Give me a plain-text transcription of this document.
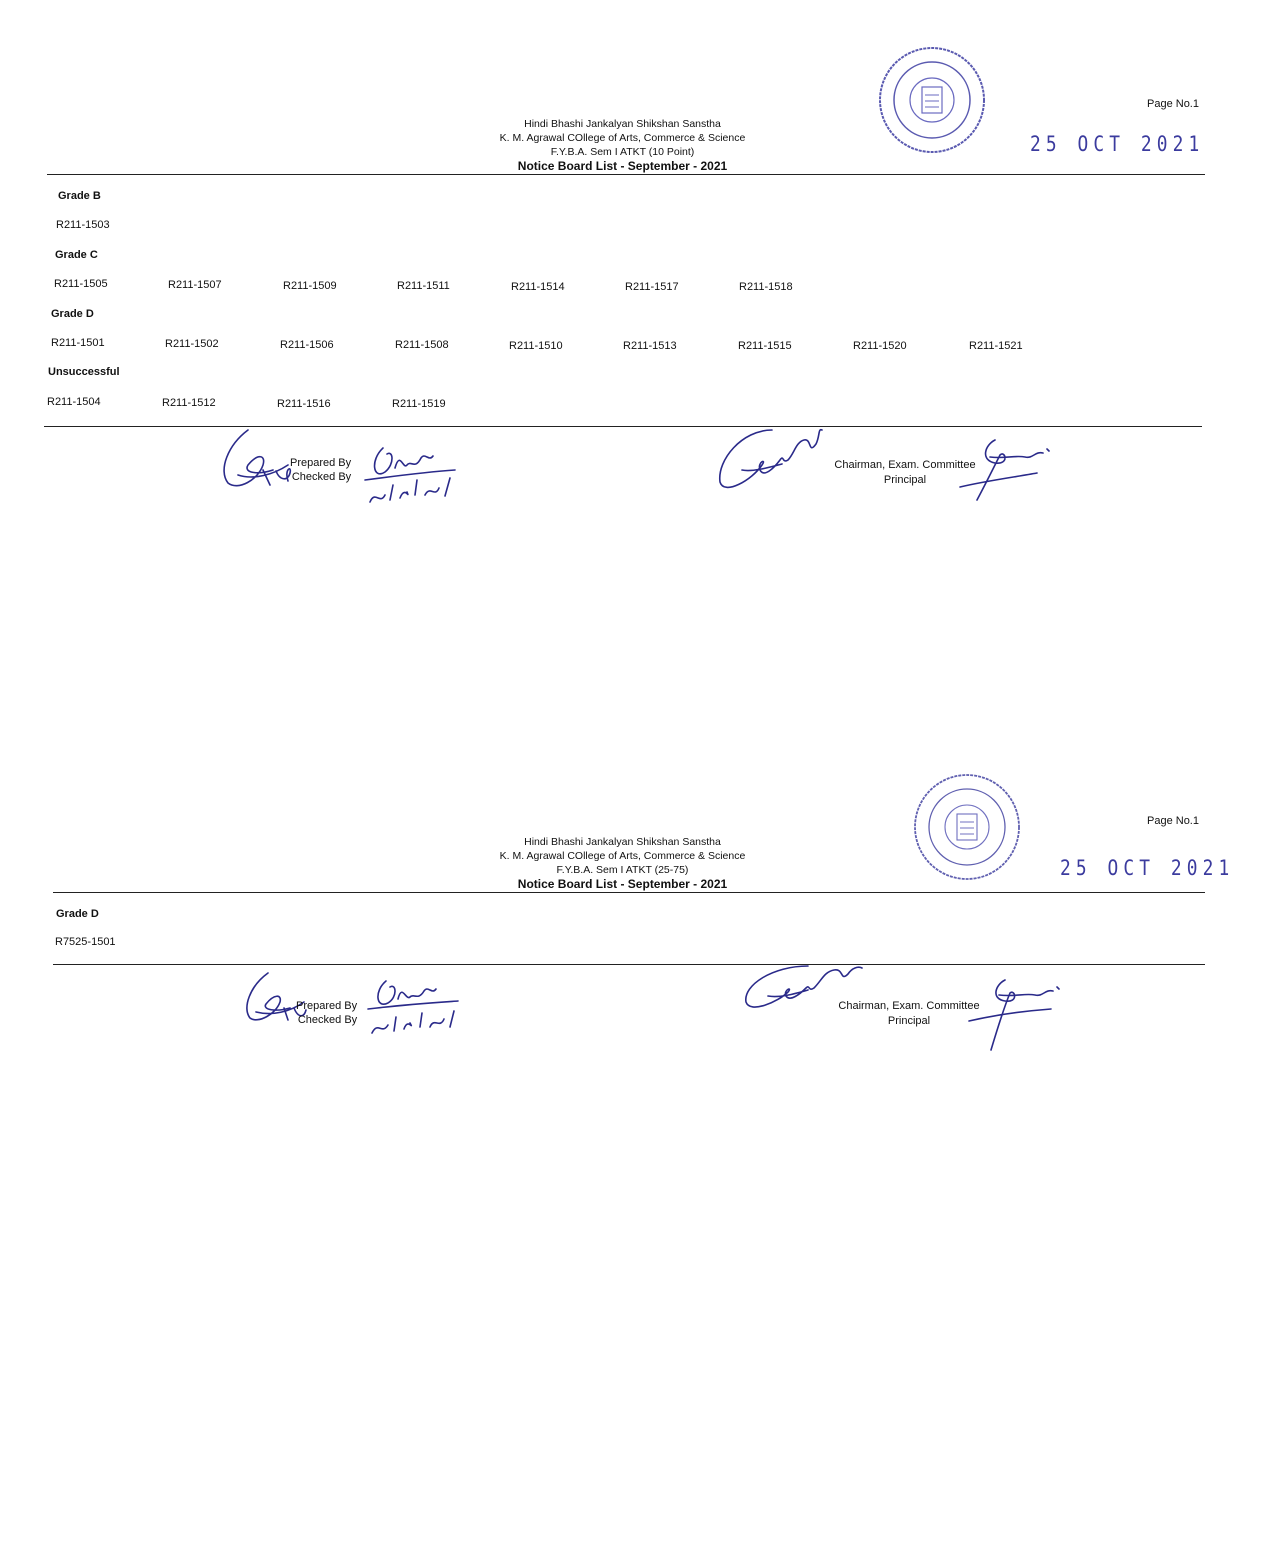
Hindi Bhashi Jankalyan Shikshan Sanstha
K. M. Agrawal COllege of Arts, Commerce & Science
F.Y.B.A. Sem I ATKT (10 Point)
Notice Board List - September - 2021
Page No.1
25 OCT 2021
Grade B
R211-1503
Grade C
R211-1505	R211-1507	R211-1509	R211-1511	R211-1514	R211-1517	R211-1518
Grade D
R211-1501	R211-1502	R211-1506	R211-1508	R211-1510	R211-1513	R211-1515	R211-1520	R211-1521
Unsuccessful
R211-1504	R211-1512	R211-1516	R211-1519
Prepared By
Checked By
Chairman, Exam. Committee
Principal
Hindi Bhashi Jankalyan Shikshan Sanstha
K. M. Agrawal COllege of Arts, Commerce & Science
F.Y.B.A. Sem I ATKT (25-75)
Notice Board List - September - 2021
Page No.1
25 OCT 2021
Grade D
R7525-1501
Prepared By
Checked By
Chairman, Exam. Committee
Principal
